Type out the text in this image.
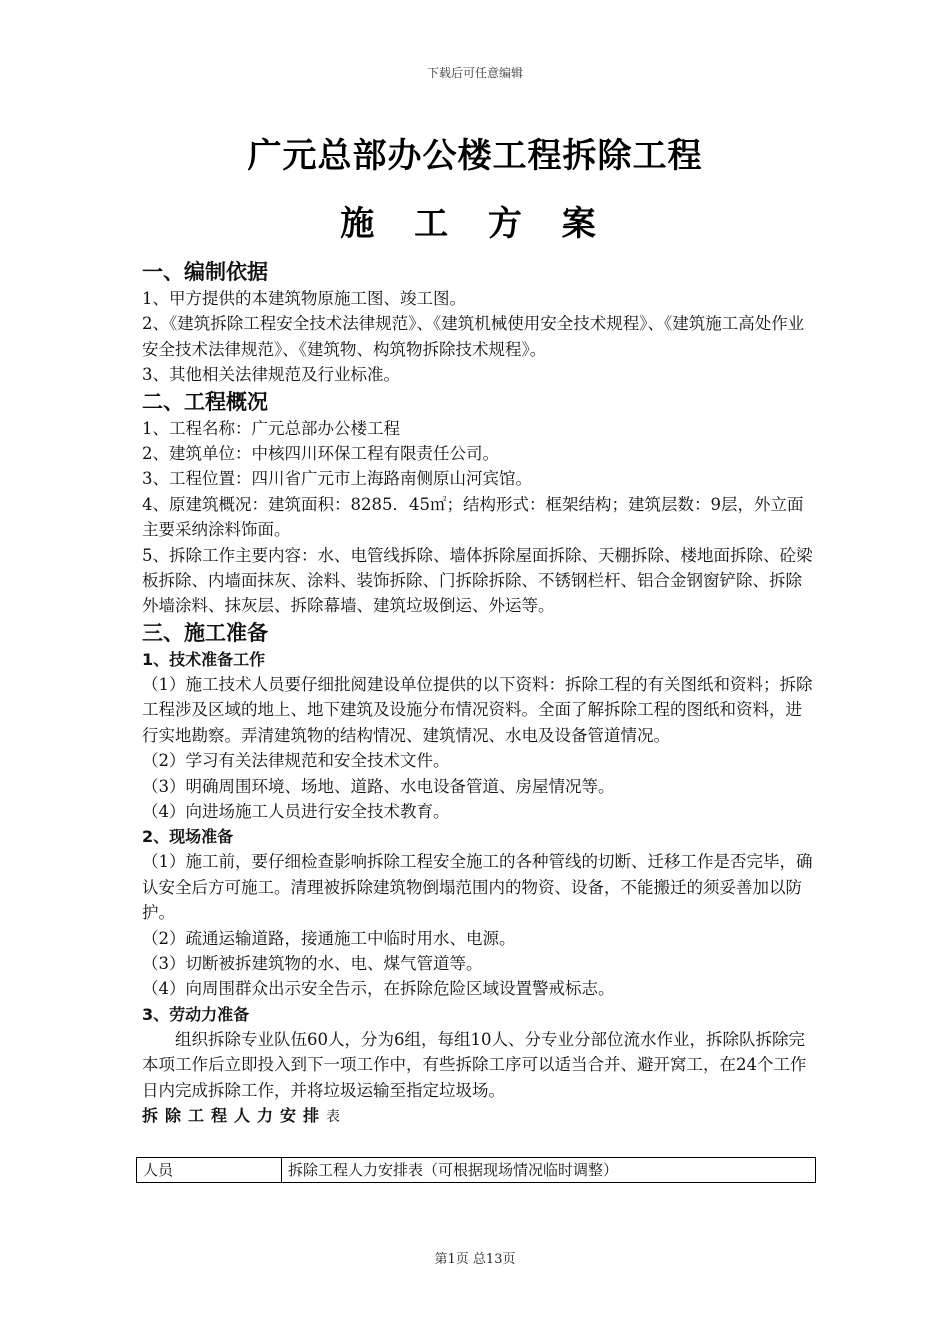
下载后可任意编辑
广元总部办公楼工程拆除工程
施 工 方 案

一、编制依据

1、甲方提供的本建筑物原施工图、竣工图。

2、《建筑拆除工程安全技术法律规范》、《建筑机械使用安全技术规程》、《建筑施工高处作业安全技术法律规范》、《建筑物、构筑物拆除技术规程》。

3、其他相关法律规范及行业标准。

二、工程概况

1、工程名称：广元总部办公楼工程

2、建筑单位：中核四川环保工程有限责任公司。

3、工程位置：四川省广元市上海路南侧原山河宾馆。

4、原建筑概况：建筑面积：8285．45㎡；结构形式：框架结构；建筑层数：9层，外立面主要采纳涂料饰面。

5、拆除工作主要内容：水、电管线拆除、墙体拆除屋面拆除、天棚拆除、楼地面拆除、砼梁板拆除、内墙面抹灰、涂料、装饰拆除、门拆除拆除、不锈钢栏杆、铝合金钢窗铲除、拆除外墙涂料、抹灰层、拆除幕墙、建筑垃圾倒运、外运等。

三、施工准备

1、技术准备工作

（1）施工技术人员要仔细批阅建设单位提供的以下资料：拆除工程的有关图纸和资料；拆除工程涉及区域的地上、地下建筑及设施分布情况资料。全面了解拆除工程的图纸和资料，进行实地勘察。弄清建筑物的结构情况、建筑情况、水电及设备管道情况。

（2）学习有关法律规范和安全技术文件。

（3）明确周围环境、场地、道路、水电设备管道、房屋情况等。

（4）向进场施工人员进行安全技术教育。

2、现场准备

（1）施工前，要仔细检查影响拆除工程安全施工的各种管线的切断、迁移工作是否完毕，确认安全后方可施工。清理被拆除建筑物倒塌范围内的物资、设备，不能搬迁的须妥善加以防护。

（2）疏通运输道路，接通施工中临时用水、电源。

（3）切断被拆建筑物的水、电、煤气管道等。

（4）向周围群众出示安全告示，在拆除危险区域设置警戒标志。

3、劳动力准备

组织拆除专业队伍60人，分为6组，每组10人、分专业分部位流水作业，拆除队拆除完本项工作后立即投入到下一项工作中，有些拆除工序可以适当合并、避开窝工，在24个工作日内完成拆除工作，并将垃圾运输至指定垃圾场。

拆除工程人力安排表

人员	拆除工程人力安排表（可根据现场情况临时调整）
第1页 总13页
